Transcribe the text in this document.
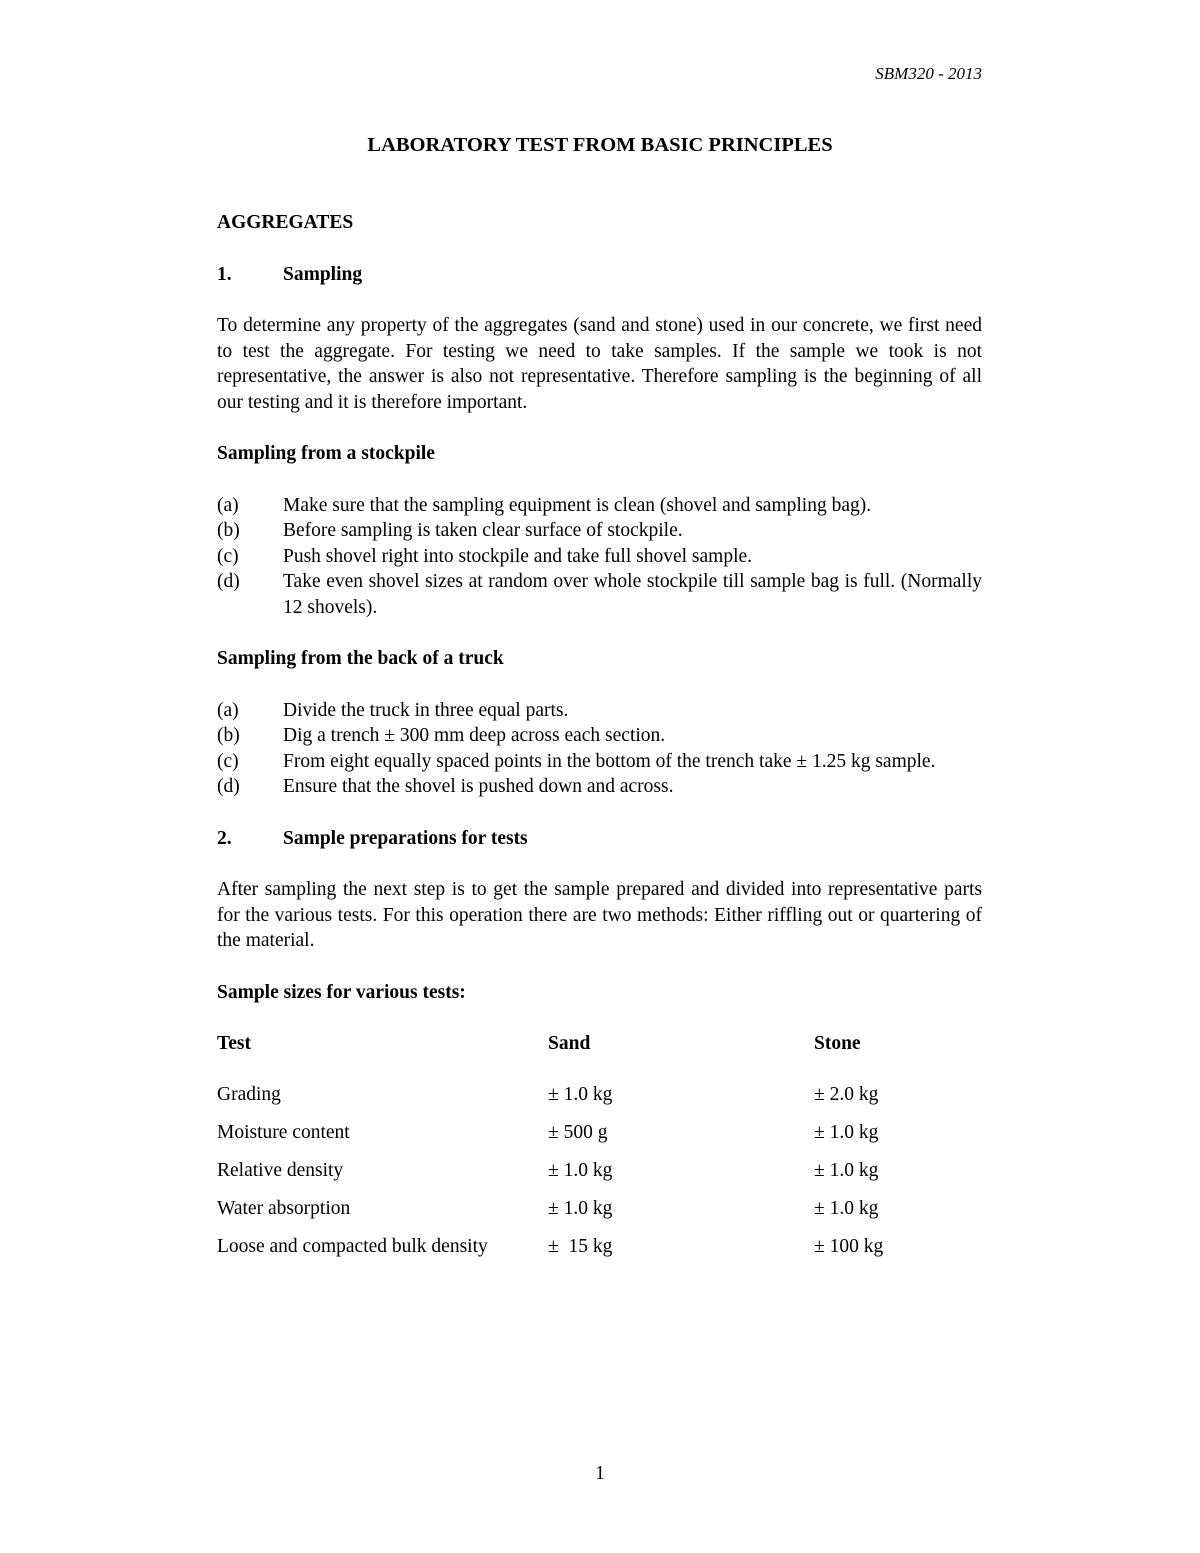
SBM320 - 2013
LABORATORY TEST FROM BASIC PRINCIPLES
AGGREGATES
1.	Sampling

To determine any property of the aggregates (sand and stone) used in our concrete, we first need to test the aggregate. For testing we need to take samples. If the sample we took is not representative, the answer is also not representative. Therefore sampling is the beginning of all our testing and it is therefore important.

Sampling from a stockpile
(a)	Make sure that the sampling equipment is clean (shovel and sampling bag).
(b)	Before sampling is taken clear surface of stockpile.
(c)	Push shovel right into stockpile and take full shovel sample.
(d)	Take even shovel sizes at random over whole stockpile till sample bag is full. (Normally 12 shovels).
Sampling from the back of a truck
(a)	Divide the truck in three equal parts.
(b)	Dig a trench ± 300 mm deep across each section.
(c)	From eight equally spaced points in the bottom of the trench take ± 1.25 kg sample.
(d)	Ensure that the shovel is pushed down and across.
2.	Sample preparations for tests

After sampling the next step is to get the sample prepared and divided into representative parts for the various tests. For this operation there are two methods: Either riffling out or quartering of the material.

Sample sizes for various tests:
Test	Sand	Stone
Grading	± 1.0 kg	± 2.0 kg
Moisture content	± 500 g	± 1.0 kg
Relative density	± 1.0 kg	± 1.0 kg
Water absorption	± 1.0 kg	± 1.0 kg
Loose and compacted bulk density	±  15 kg	± 100 kg
1
